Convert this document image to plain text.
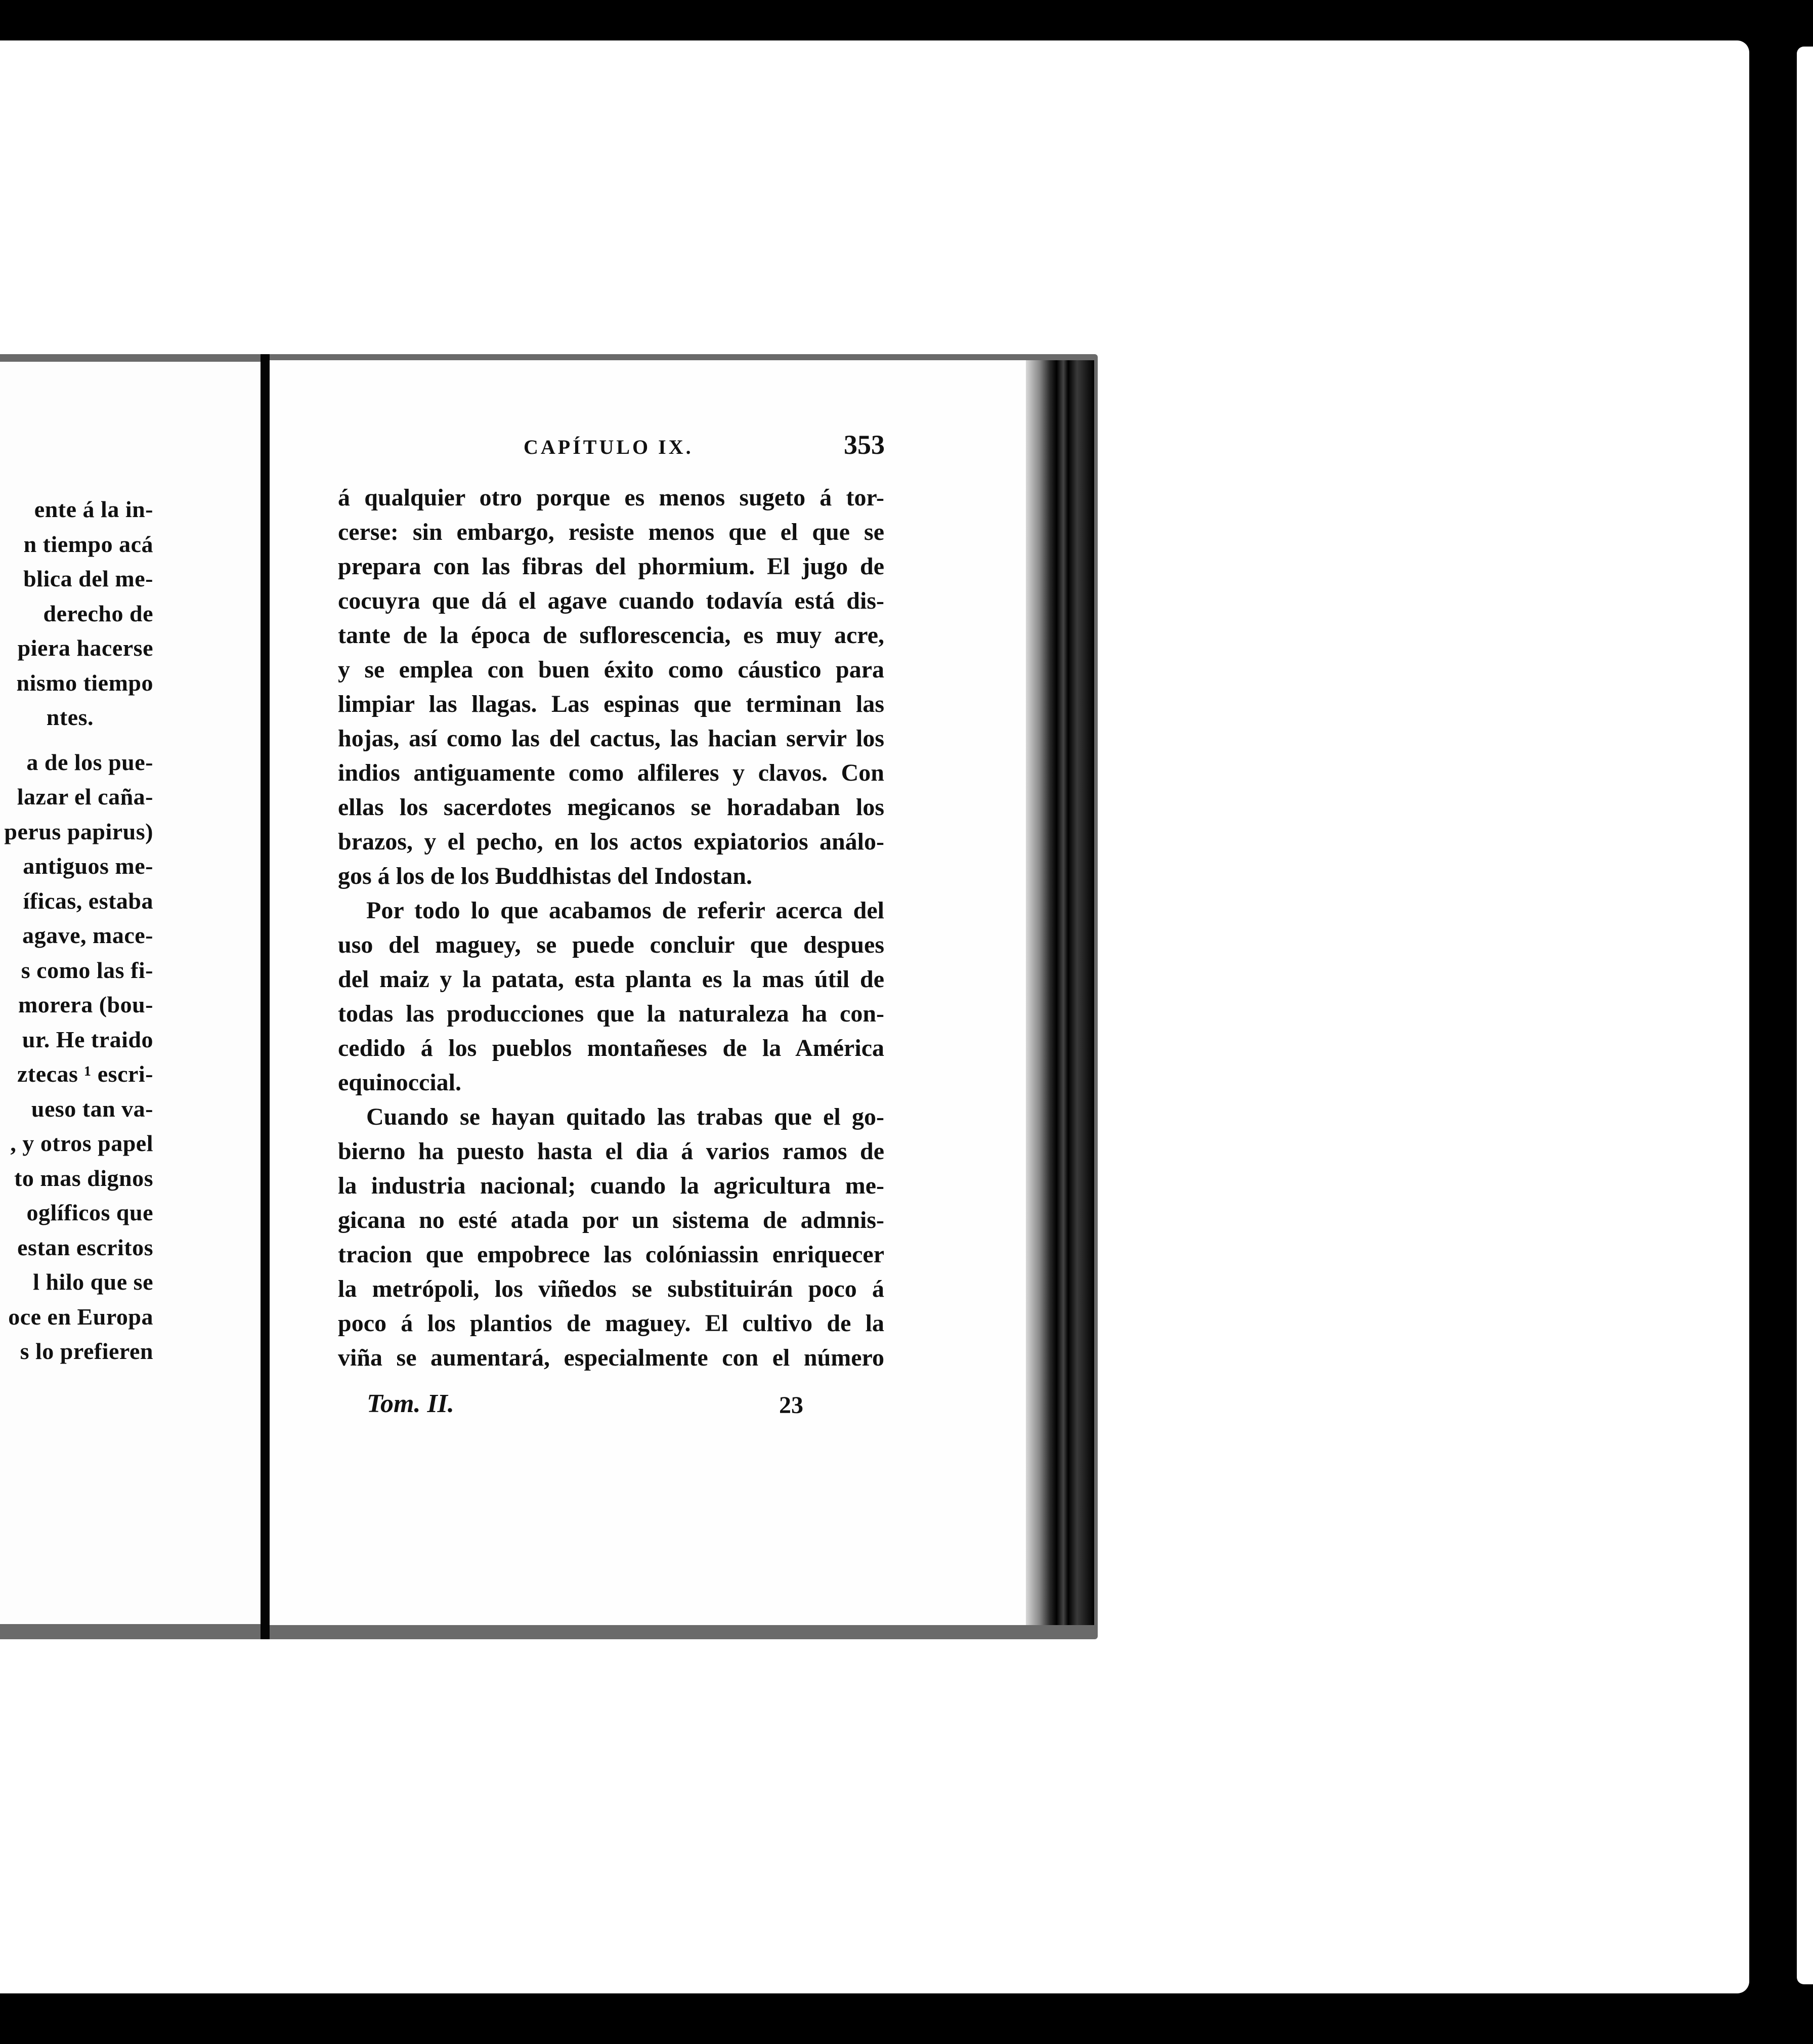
ente á la in-
n tiempo acá
blica del me-
derecho de
piera hacerse
nismo tiempo
ntes.
a de los pue-
lazar el caña-
perus papirus)
antiguos me-
íficas, estaba
agave, mace-
s como las fi-
morera (bou-
ur. He traido
ztecas ¹ escri-
ueso tan va-
, y otros papel
to mas dignos
oglíficos que
estan escritos
l hilo que se
oce en Europa
s lo prefieren
CAPÍTULO IX.	353
á qualquier otro porque es menos sugeto á tor-
cerse: sin embargo, resiste menos que el que se
prepara con las fibras del phormium. El jugo de
cocuyra que dá el agave cuando todavía está dis-
tante de la época de suflorescencia, es muy acre,
y se emplea con buen éxito como cáustico para
limpiar las llagas. Las espinas que terminan las
hojas, así como las del cactus, las hacian servir los
indios antiguamente como alfileres y clavos. Con
ellas los sacerdotes megicanos se horadaban los
brazos, y el pecho, en los actos expiatorios análo-
gos á los de los Buddhistas del Indostan.
Por todo lo que acabamos de referir acerca del
uso del maguey, se puede concluir que despues
del maiz y la patata, esta planta es la mas útil de
todas las producciones que la naturaleza ha con-
cedido á los pueblos montañeses de la América
equinoccial.
Cuando se hayan quitado las trabas que el go-
bierno ha puesto hasta el dia á varios ramos de
la industria nacional; cuando la agricultura me-
gicana no esté atada por un sistema de admnis-
tracion que empobrece las colóniassin enriquecer
la metrópoli, los viñedos se substituirán poco á
poco á los plantios de maguey. El cultivo de la
viña se aumentará, especialmente con el número
Tom. II.	23
